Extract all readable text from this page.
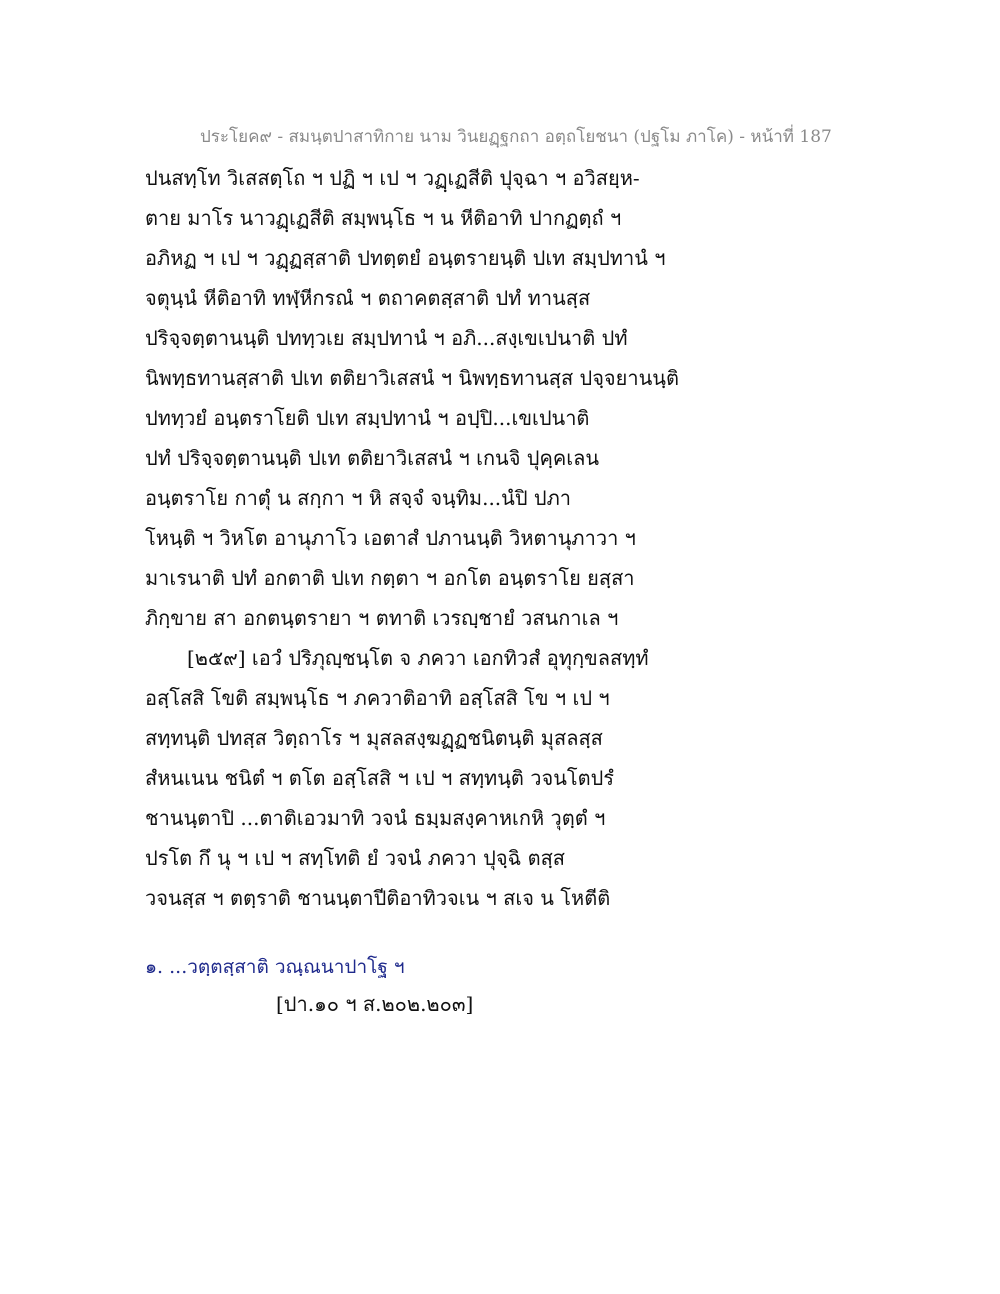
ประโยค๙ - สมนฺตปาสาทิกาย นาม วินยฏฺฐกถา อตฺถโยชนา (ปฐโม ภาโค) - หน้าที่ 187
ปนสทฺโท วิเสสตฺโถ ฯ ปฏิ ฯ เป ฯ วฏฺเฏสีติ ปุจฺฉา ฯ อวิสยฺห-
ตาย มาโร นาวฏฺเฏสีติ สมฺพนฺโธ ฯ น หีติอาทิ ปากฏตฺถํ ฯ
อภิหฏ ฯ เป ฯ วฏฺฏสฺสาติ ปทตฺตยํ อนฺตรายนฺติ ปเท สมฺปทานํ ฯ
จตุนฺนํ หีติอาทิ ทฬฺหีกรณํ ฯ ตถาคตสฺสาติ ปทํ ทานสฺส
ปริจฺจตฺตานนฺติ ปททฺวเย สมฺปทานํ ฯ อภิ...สงฺเขเปนาติ ปทํ
นิพทฺธทานสฺสาติ ปเท ตติยาวิเสสนํ ฯ นิพทฺธทานสฺส ปจฺจยานนฺติ
ปททฺวยํ อนฺตราโยติ ปเท สมฺปทานํ ฯ อปฺปิ...เขเปนาติ
ปทํ ปริจฺจตฺตานนฺติ ปเท ตติยาวิเสสนํ ฯ เกนจิ ปุคฺคเลน
อนฺตราโย กาตุํ น สกฺกา ฯ หิ สจฺจํ จนฺทิม...นํปิ ปภา
โหนฺติ ฯ วิหโต อานุภาโว เอตาสํ ปภานนฺติ วิหตานุภาวา ฯ
มาเรนาติ ปทํ อกตาติ ปเท กตฺตา ฯ อกโต อนฺตราโย ยสฺสา
ภิกฺขาย สา อกตนฺตรายา ฯ ตทาติ เวรญฺชายํ วสนกาเล ฯ
[๒๕๙] เอวํ ปริภุญฺชนฺโต จ ภควา เอกทิวสํ อุทุกฺขลสทฺทํ
อสฺโสสิ โขติ สมฺพนฺโธ ฯ ภควาติอาทิ อสฺโสสิ โข ฯ เป ฯ
สทฺทนฺติ ปทสฺส วิตฺถาโร ฯ มุสลสงฺฆฏฺฏชนิตนฺติ มุสลสฺส
สํหนเนน ชนิตํ ฯ ตโต อสฺโสสิ ฯ เป ฯ สทฺทนฺติ วจนโตปรํ
ชานนฺตาปิ ...ตาติเอวมาทิ วจนํ ธมฺมสงฺคาหเกหิ วุตฺตํ ฯ
ปรโต กึ นุ ฯ เป ฯ สทฺโทติ ยํ วจนํ ภควา ปุจฺฉิ ตสฺส
วจนสฺส ฯ ตตฺราติ ชานนฺตาปีติอาทิวจเน ฯ สเจ น โหตีติ
๑. ...วตฺตสฺสาติ วณฺณนาปาโฐ ฯ
[ปา.๑๐ ฯ ส.๒๐๒.๒๐๓]
